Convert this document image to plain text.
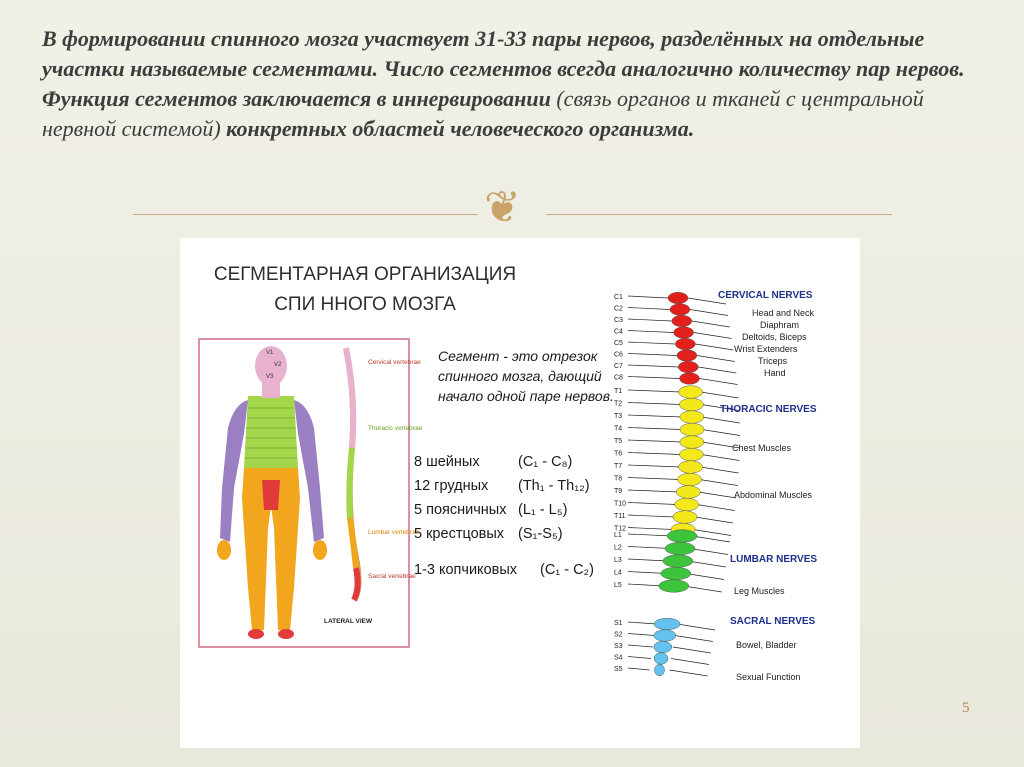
В формировании спинного мозга участвует 31-33 пары нервов, разделённых на отдельные участки называемые сегментами. Число сегментов всегда аналогично количеству пар нервов. Функция сегментов заключается в иннервировании (связь органов и тканей с центральной нервной системой) конкретных областей человеческого организма.

❦
5
СЕГМЕНТАРНАЯ ОРГАНИЗАЦИЯ
СПИ ННОГО МОЗГА
V1
V2
V3
Cervical vertebrae
Thoracic vertebrae
Lumbar vertebrae
Sacral vertebrae
LATERAL VIEW

Сегмент - это отрезок спинного мозга, дающий начало одной паре нервов.

8 шейных	(C₁ - C₈)
12 грудных (Th₁ - Th₁₂)
5 поясничных (L₁ - L₅)
5 крестцовых (S₁-S₅)
1-3 копчиковых (C₁ - C₂)
C1
C2
C3
C4
C5
C6
C7
C8
T1
T2
T3
T4
T5
T6
T7
T8
T9
T10
T11
T12
L1
L2
L3
L4
L5
S1
S2
S3
S4
S5
CERVICAL NERVES
THORACIC NERVES
LUMBAR NERVES
SACRAL NERVES
Head and Neck
Diaphram
Deltoids, Biceps
Wrist Extenders
Triceps
Hand
Chest Muscles
Abdominal Muscles
Leg Muscles
Bowel, Bladder
Sexual Function
